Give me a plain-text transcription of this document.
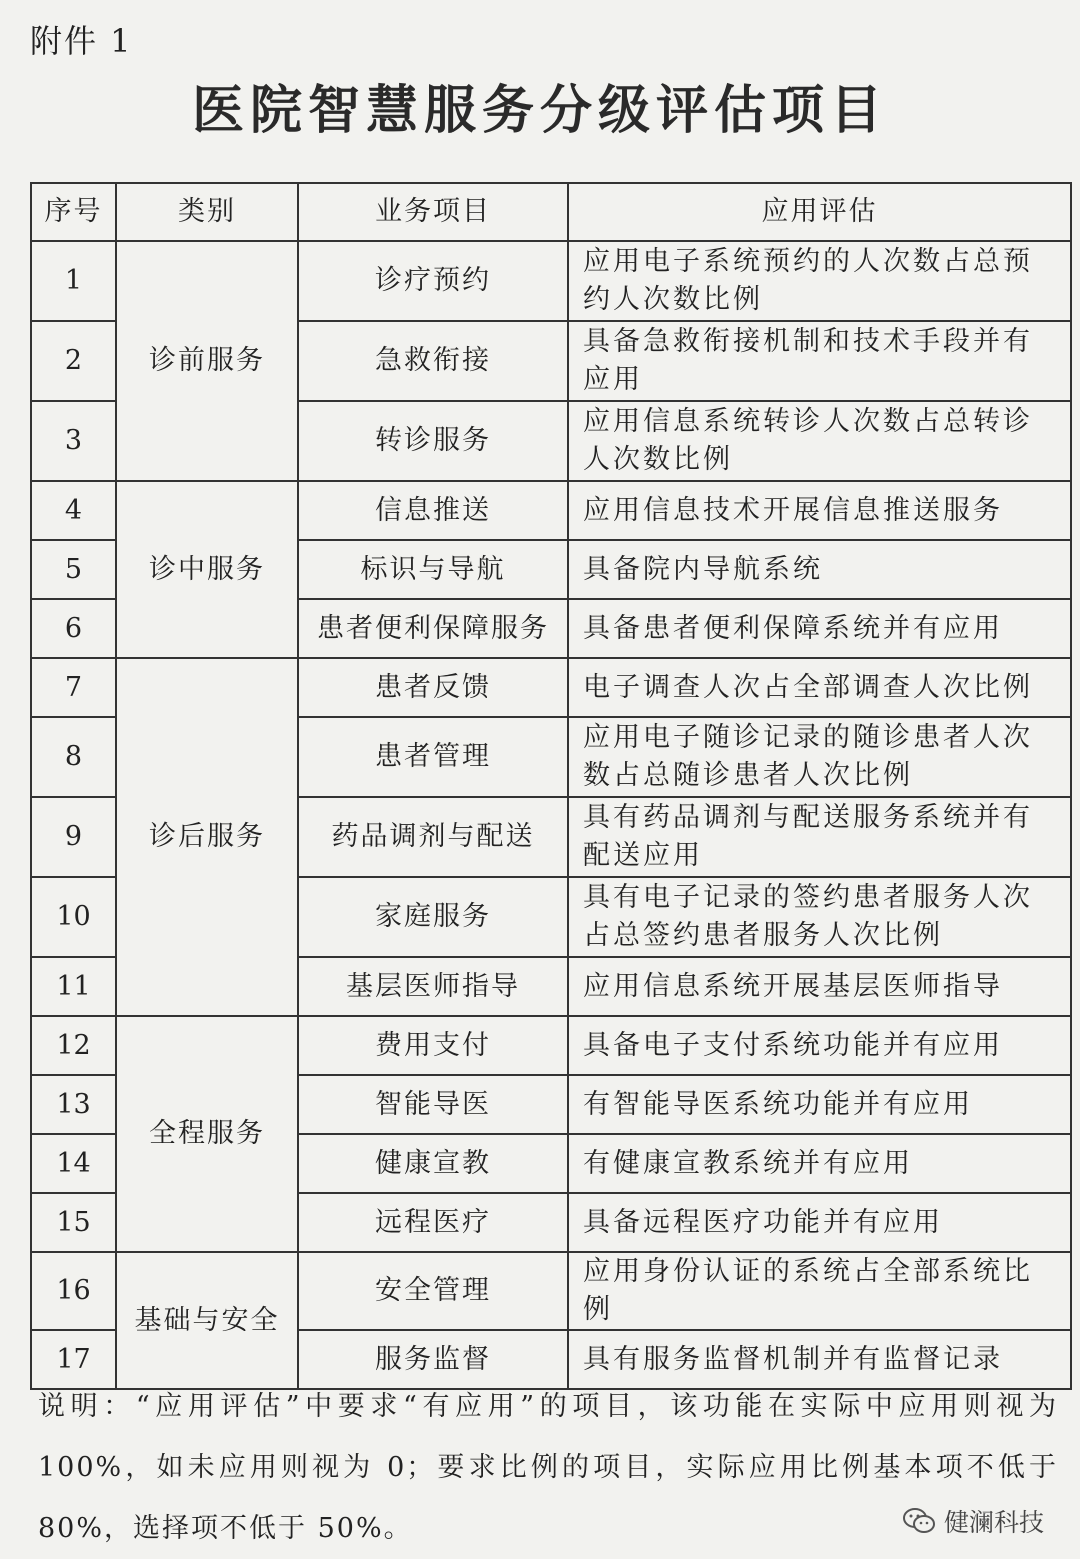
附件 1
医院智慧服务分级评估项目
序号	类别	业务项目	应用评估
1	诊前服务	诊疗预约	应用电子系统预约的人次数占总预约人次数比例
2		急救衔接	具备急救衔接机制和技术手段并有应用
3		转诊服务	应用信息系统转诊人次数占总转诊人次数比例
4	诊中服务	信息推送	应用信息技术开展信息推送服务
5		标识与导航	具备院内导航系统
6		患者便利保障服务	具备患者便利保障系统并有应用
7	诊后服务	患者反馈	电子调查人次占全部调查人次比例
8		患者管理	应用电子随诊记录的随诊患者人次数占总随诊患者人次比例
9		药品调剂与配送	具有药品调剂与配送服务系统并有配送应用
10		家庭服务	具有电子记录的签约患者服务人次占总签约患者服务人次比例
11		基层医师指导	应用信息系统开展基层医师指导
12	全程服务	费用支付	具备电子支付系统功能并有应用
13		智能导医	有智能导医系统功能并有应用
14		健康宣教	有健康宣教系统并有应用
15		远程医疗	具备远程医疗功能并有应用
16	基础与安全	安全管理	应用身份认证的系统占全部系统比例
17		服务监督	具有服务监督机制并有监督记录
说明：“应用评估”中要求“有应用”的项目，该功能在实际中应用则视为 100%，如未应用则视为 0；要求比例的项目，实际应用比例基本项不低于 80%，选择项不低于 50%。	健澜科技
